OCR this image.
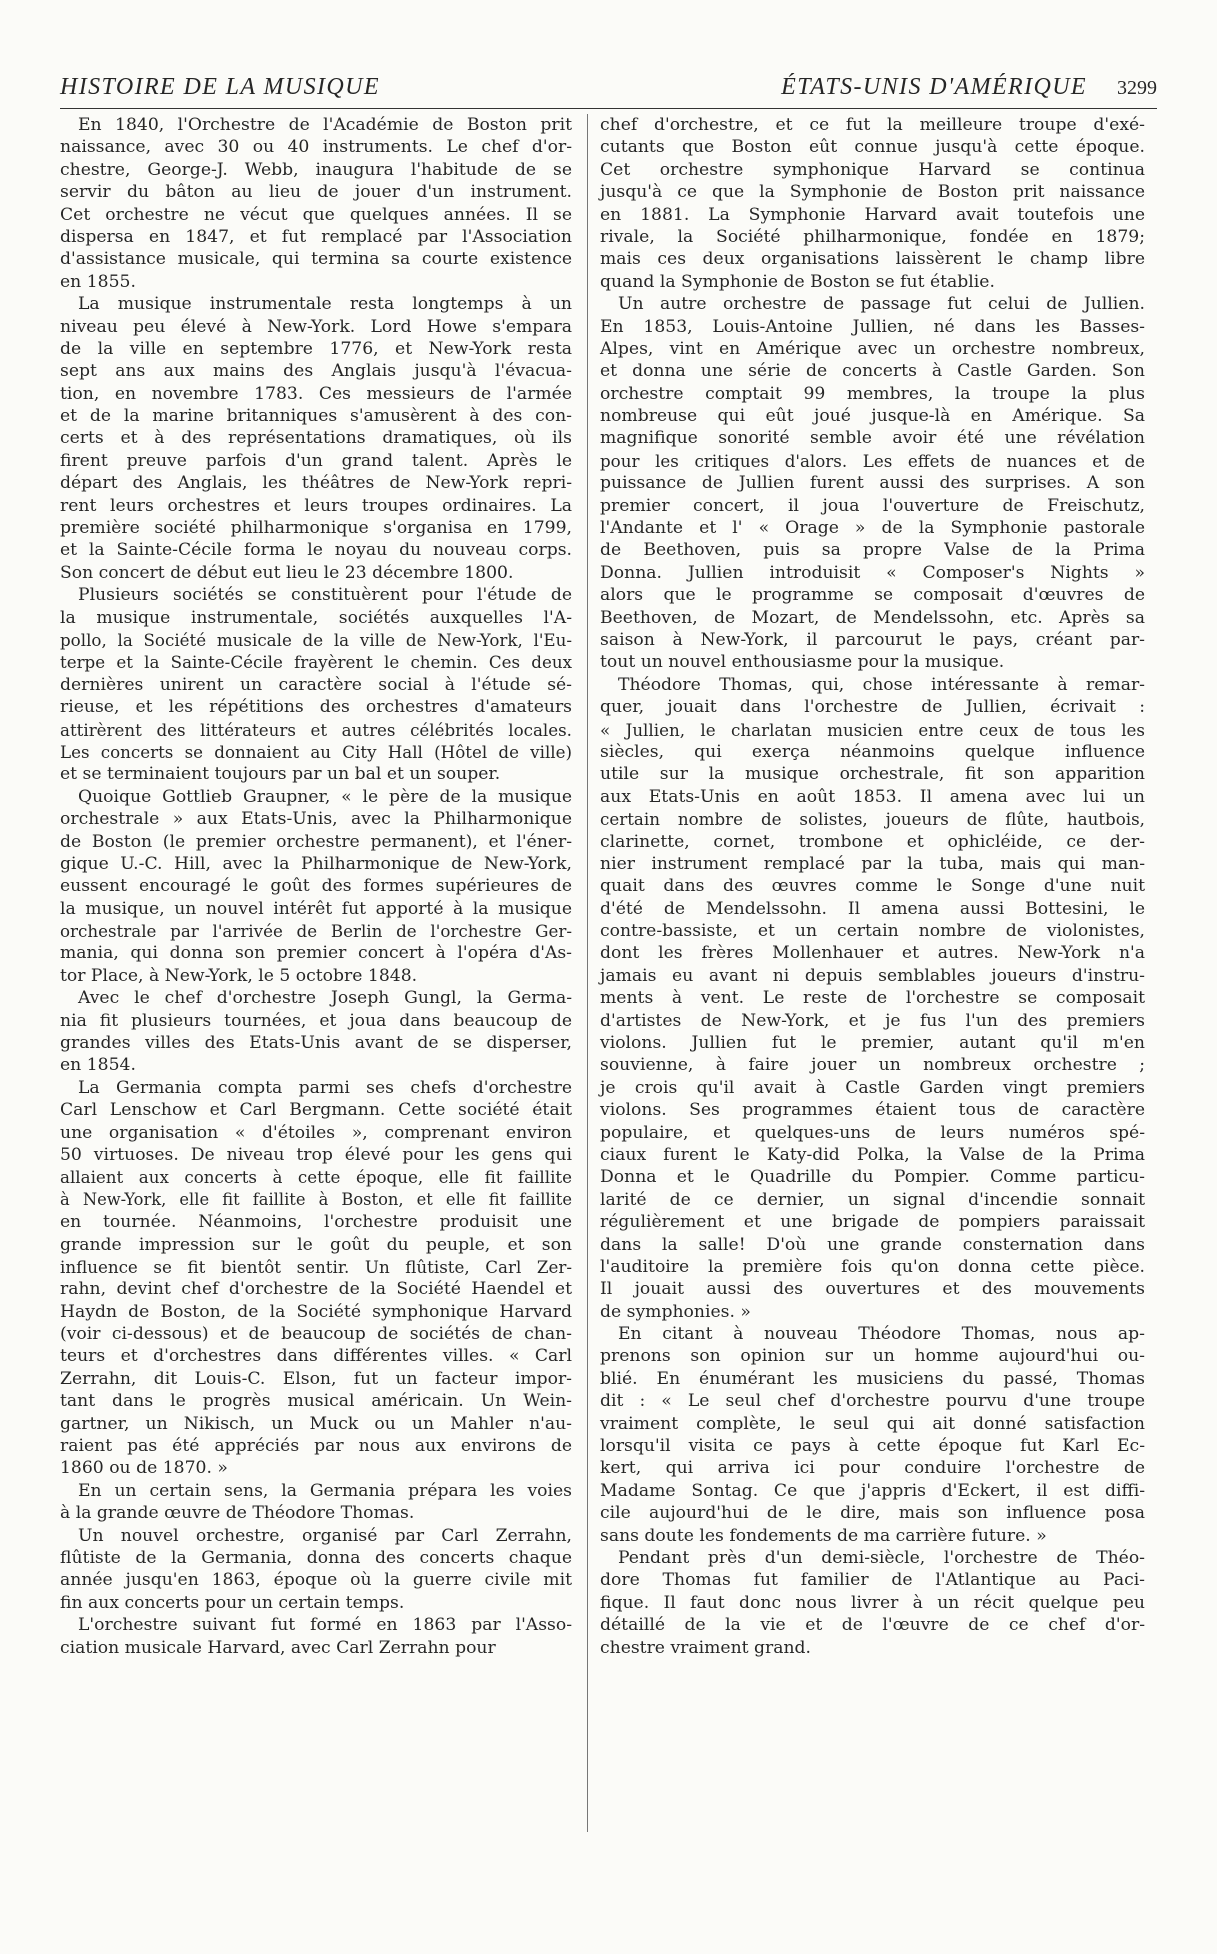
HISTOIRE DE LA MUSIQUE	ÉTATS-UNIS D'AMÉRIQUE 3299
En 1840, l'Orchestre de l'Académie de Boston prit
naissance, avec 30 ou 40 instruments. Le chef d'or-
chestre, George-J. Webb, inaugura l'habitude de se
servir du bâton au lieu de jouer d'un instrument.
Cet orchestre ne vécut que quelques années. Il se
dispersa en 1847, et fut remplacé par l'Association
d'assistance musicale, qui termina sa courte existence
en 1855.
La musique instrumentale resta longtemps à un
niveau peu élevé à New-York. Lord Howe s'empara
de la ville en septembre 1776, et New-York resta
sept ans aux mains des Anglais jusqu'à l'évacua-
tion, en novembre 1783. Ces messieurs de l'armée
et de la marine britanniques s'amusèrent à des con-
certs et à des représentations dramatiques, où ils
firent preuve parfois d'un grand talent. Après le
départ des Anglais, les théâtres de New-York repri-
rent leurs orchestres et leurs troupes ordinaires. La
première société philharmonique s'organisa en 1799,
et la Sainte-Cécile forma le noyau du nouveau corps.
Son concert de début eut lieu le 23 décembre 1800.
Plusieurs sociétés se constituèrent pour l'étude de
la musique instrumentale, sociétés auxquelles l'A-
pollo, la Société musicale de la ville de New-York, l'Eu-
terpe et la Sainte-Cécile frayèrent le chemin. Ces deux
dernières unirent un caractère social à l'étude sé-
rieuse, et les répétitions des orchestres d'amateurs
attirèrent des littérateurs et autres célébrités locales.
Les concerts se donnaient au City Hall (Hôtel de ville)
et se terminaient toujours par un bal et un souper.
Quoique Gottlieb Graupner, « le père de la musique
orchestrale » aux Etats-Unis, avec la Philharmonique
de Boston (le premier orchestre permanent), et l'éner-
gique U.-C. Hill, avec la Philharmonique de New-York,
eussent encouragé le goût des formes supérieures de
la musique, un nouvel intérêt fut apporté à la musique
orchestrale par l'arrivée de Berlin de l'orchestre Ger-
mania, qui donna son premier concert à l'opéra d'As-
tor Place, à New-York, le 5 octobre 1848.
Avec le chef d'orchestre Joseph Gungl, la Germa-
nia fit plusieurs tournées, et joua dans beaucoup de
grandes villes des Etats-Unis avant de se disperser,
en 1854.
La Germania compta parmi ses chefs d'orchestre
Carl Lenschow et Carl Bergmann. Cette société était
une organisation « d'étoiles », comprenant environ
50 virtuoses. De niveau trop élevé pour les gens qui
allaient aux concerts à cette époque, elle fit faillite
à New-York, elle fit faillite à Boston, et elle fit faillite
en tournée. Néanmoins, l'orchestre produisit une
grande impression sur le goût du peuple, et son
influence se fit bientôt sentir. Un flûtiste, Carl Zer-
rahn, devint chef d'orchestre de la Société Haendel et
Haydn de Boston, de la Société symphonique Harvard
(voir ci-dessous) et de beaucoup de sociétés de chan-
teurs et d'orchestres dans différentes villes. « Carl
Zerrahn, dit Louis-C. Elson, fut un facteur impor-
tant dans le progrès musical américain. Un Wein-
gartner, un Nikisch, un Muck ou un Mahler n'au-
raient pas été appréciés par nous aux environs de
1860 ou de 1870. »
En un certain sens, la Germania prépara les voies
à la grande œuvre de Théodore Thomas.
Un nouvel orchestre, organisé par Carl Zerrahn,
flûtiste de la Germania, donna des concerts chaque
année jusqu'en 1863, époque où la guerre civile mit
fin aux concerts pour un certain temps.
L'orchestre suivant fut formé en 1863 par l'Asso-
ciation musicale Harvard, avec Carl Zerrahn pour
chef d'orchestre, et ce fut la meilleure troupe d'exé-
cutants que Boston eût connue jusqu'à cette époque.
Cet orchestre symphonique Harvard se continua
jusqu'à ce que la Symphonie de Boston prit naissance
en 1881. La Symphonie Harvard avait toutefois une
rivale, la Société philharmonique, fondée en 1879;
mais ces deux organisations laissèrent le champ libre
quand la Symphonie de Boston se fut établie.
Un autre orchestre de passage fut celui de Jullien.
En 1853, Louis-Antoine Jullien, né dans les Basses-
Alpes, vint en Amérique avec un orchestre nombreux,
et donna une série de concerts à Castle Garden. Son
orchestre comptait 99 membres, la troupe la plus
nombreuse qui eût joué jusque-là en Amérique. Sa
magnifique sonorité semble avoir été une révélation
pour les critiques d'alors. Les effets de nuances et de
puissance de Jullien furent aussi des surprises. A son
premier concert, il joua l'ouverture de Freischutz,
l'Andante et l' « Orage » de la Symphonie pastorale
de Beethoven, puis sa propre Valse de la Prima
Donna. Jullien introduisit « Composer's Nights »
alors que le programme se composait d'œuvres de
Beethoven, de Mozart, de Mendelssohn, etc. Après sa
saison à New-York, il parcourut le pays, créant par-
tout un nouvel enthousiasme pour la musique.
Théodore Thomas, qui, chose intéressante à remar-
quer, jouait dans l'orchestre de Jullien, écrivait :
« Jullien, le charlatan musicien entre ceux de tous les
siècles, qui exerça néanmoins quelque influence
utile sur la musique orchestrale, fit son apparition
aux Etats-Unis en août 1853. Il amena avec lui un
certain nombre de solistes, joueurs de flûte, hautbois,
clarinette, cornet, trombone et ophicléide, ce der-
nier instrument remplacé par la tuba, mais qui man-
quait dans des œuvres comme le Songe d'une nuit
d'été de Mendelssohn. Il amena aussi Bottesini, le
contre-bassiste, et un certain nombre de violonistes,
dont les frères Mollenhauer et autres. New-York n'a
jamais eu avant ni depuis semblables joueurs d'instru-
ments à vent. Le reste de l'orchestre se composait
d'artistes de New-York, et je fus l'un des premiers
violons. Jullien fut le premier, autant qu'il m'en
souvienne, à faire jouer un nombreux orchestre ;
je crois qu'il avait à Castle Garden vingt premiers
violons. Ses programmes étaient tous de caractère
populaire, et quelques-uns de leurs numéros spé-
ciaux furent le Katy-did Polka, la Valse de la Prima
Donna et le Quadrille du Pompier. Comme particu-
larité de ce dernier, un signal d'incendie sonnait
régulièrement et une brigade de pompiers paraissait
dans la salle! D'où une grande consternation dans
l'auditoire la première fois qu'on donna cette pièce.
Il jouait aussi des ouvertures et des mouvements
de symphonies. »
En citant à nouveau Théodore Thomas, nous ap-
prenons son opinion sur un homme aujourd'hui ou-
blié. En énumérant les musiciens du passé, Thomas
dit : « Le seul chef d'orchestre pourvu d'une troupe
vraiment complète, le seul qui ait donné satisfaction
lorsqu'il visita ce pays à cette époque fut Karl Ec-
kert, qui arriva ici pour conduire l'orchestre de
Madame Sontag. Ce que j'appris d'Eckert, il est diffi-
cile aujourd'hui de le dire, mais son influence posa
sans doute les fondements de ma carrière future. »
Pendant près d'un demi-siècle, l'orchestre de Théo-
dore Thomas fut familier de l'Atlantique au Paci-
fique. Il faut donc nous livrer à un récit quelque peu
détaillé de la vie et de l'œuvre de ce chef d'or-
chestre vraiment grand.
